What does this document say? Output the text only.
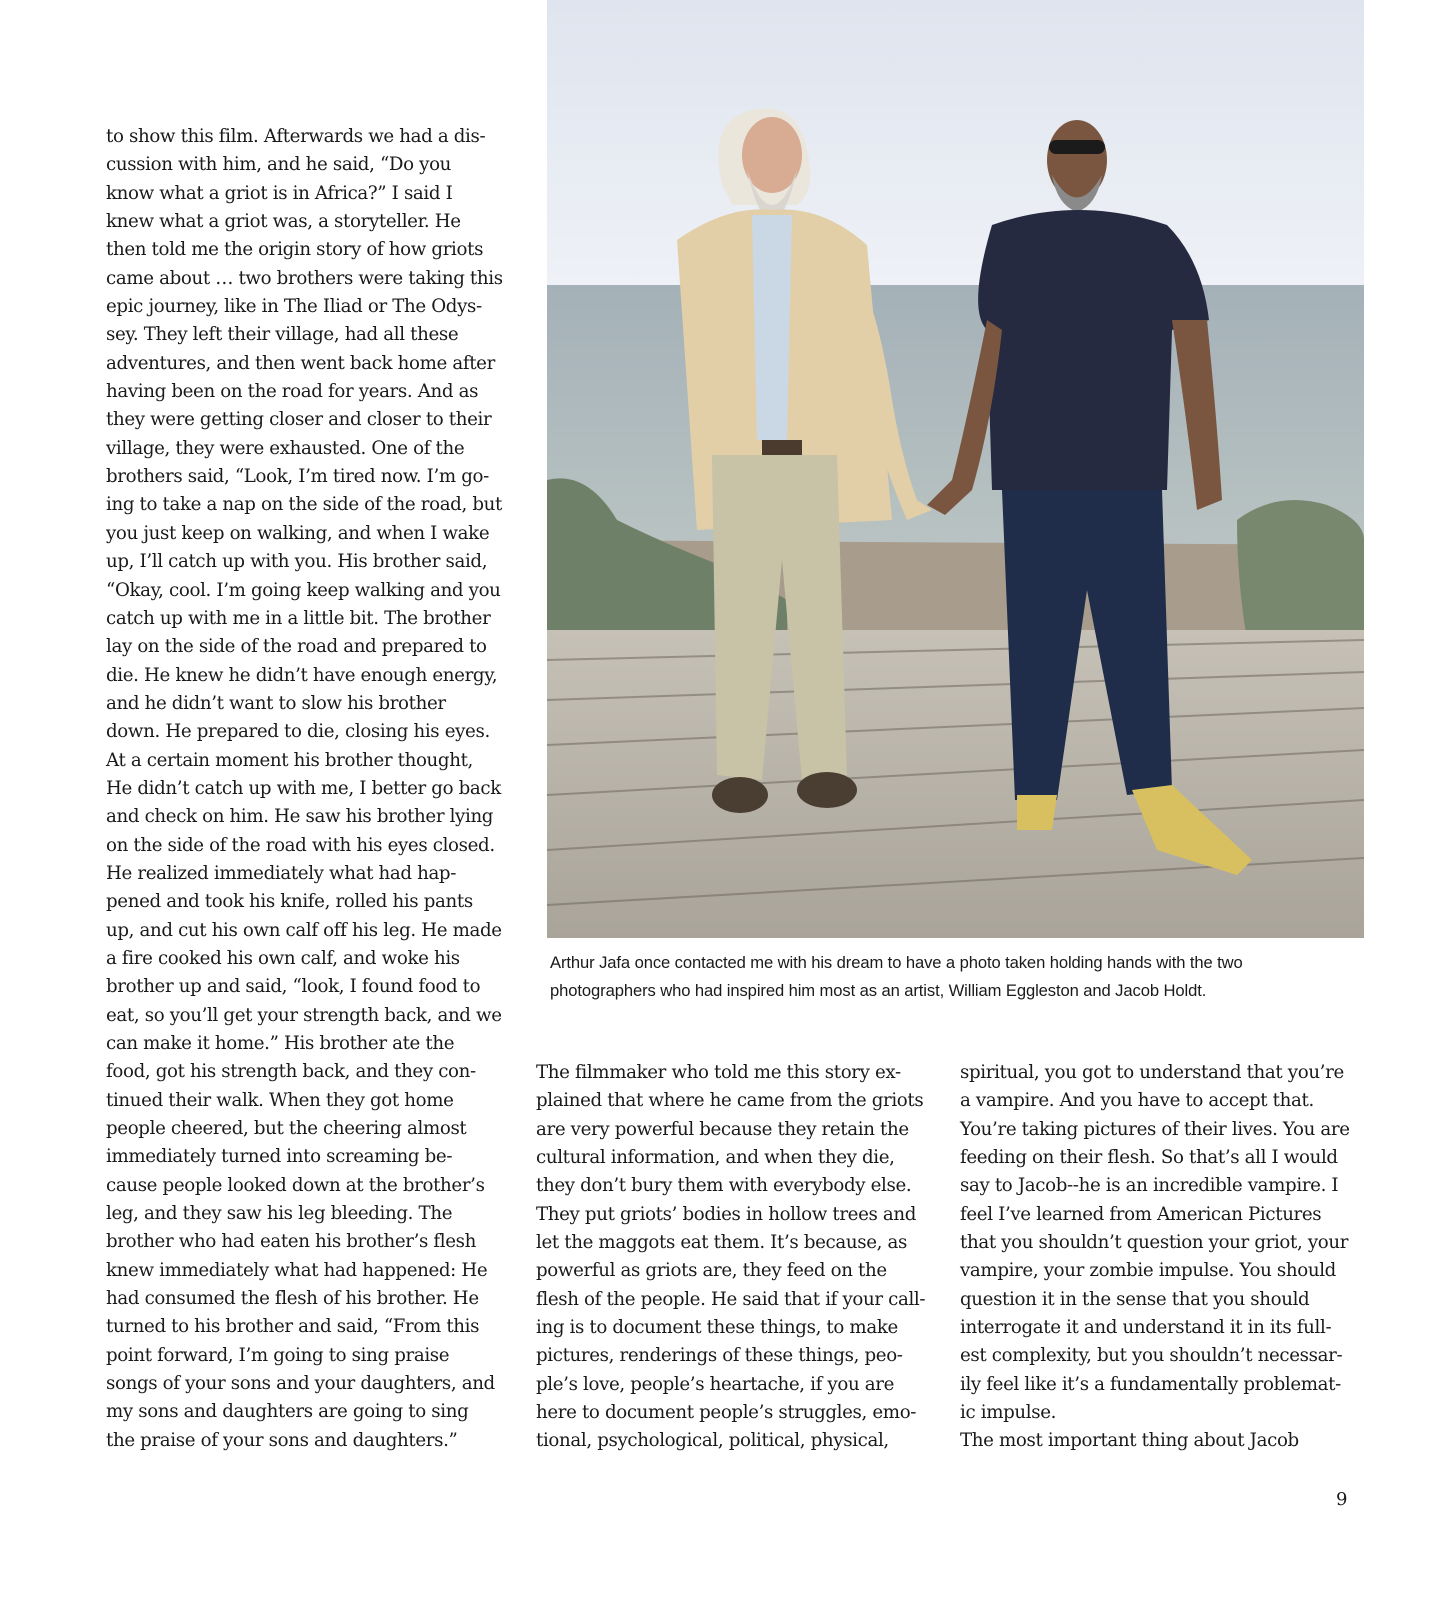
to show this film. Afterwards we had a dis-
cussion with him, and he said, “Do you
know what a griot is in Africa?” I said I
knew what a griot was, a storyteller. He
then told me the origin story of how griots
came about … two brothers were taking this
epic journey, like in The Iliad or The Odys-
sey. They left their village, had all these
adventures, and then went back home after
having been on the road for years. And as
they were getting closer and closer to their
village, they were exhausted. One of the
brothers said, “Look, I’m tired now. I’m go-
ing to take a nap on the side of the road, but
you just keep on walking, and when I wake
up, I’ll catch up with you. His brother said,
“Okay, cool. I’m going keep walking and you
catch up with me in a little bit. The brother
lay on the side of the road and prepared to
die. He knew he didn’t have enough energy,
and he didn’t want to slow his brother
down. He prepared to die, closing his eyes.
At a certain moment his brother thought,
He didn’t catch up with me, I better go back
and check on him. He saw his brother lying
on the side of the road with his eyes closed.
He realized immediately what had hap-
pened and took his knife, rolled his pants
up, and cut his own calf off his leg. He made
a fire cooked his own calf, and woke his
brother up and said, “look, I found food to
eat, so you’ll get your strength back, and we
can make it home.” His brother ate the
food, got his strength back, and they con-
tinued their walk. When they got home
people cheered, but the cheering almost
immediately turned into screaming be-
cause people looked down at the brother’s
leg, and they saw his leg bleeding. The
brother who had eaten his brother’s flesh
knew immediately what had happened: He
had consumed the flesh of his brother. He
turned to his brother and said, “From this
point forward, I’m going to sing praise
songs of your sons and your daughters, and
my sons and daughters are going to sing
the praise of your sons and daughters.”
Arthur Jafa once contacted me with his dream to have a photo taken holding hands with the two
photographers who had inspired him most as an artist, William Eggleston and Jacob Holdt.
The filmmaker who told me this story ex-
plained that where he came from the griots
are very powerful because they retain the
cultural information, and when they die,
they don’t bury them with everybody else.
They put griots’ bodies in hollow trees and
let the maggots eat them. It’s because, as
powerful as griots are, they feed on the
flesh of the people. He said that if your call-
ing is to document these things, to make
pictures, renderings of these things, peo-
ple’s love, people’s heartache, if you are
here to document people’s struggles, emo-
tional, psychological, political, physical,
spiritual, you got to understand that you’re
a vampire. And you have to accept that.
You’re taking pictures of their lives. You are
feeding on their flesh. So that’s all I would
say to Jacob--he is an incredible vampire. I
feel I’ve learned from American Pictures
that you shouldn’t question your griot, your
vampire, your zombie impulse. You should
question it in the sense that you should
interrogate it and understand it in its full-
est complexity, but you shouldn’t necessar-
ily feel like it’s a fundamentally problemat-
ic impulse.
The most important thing about Jacob
9
